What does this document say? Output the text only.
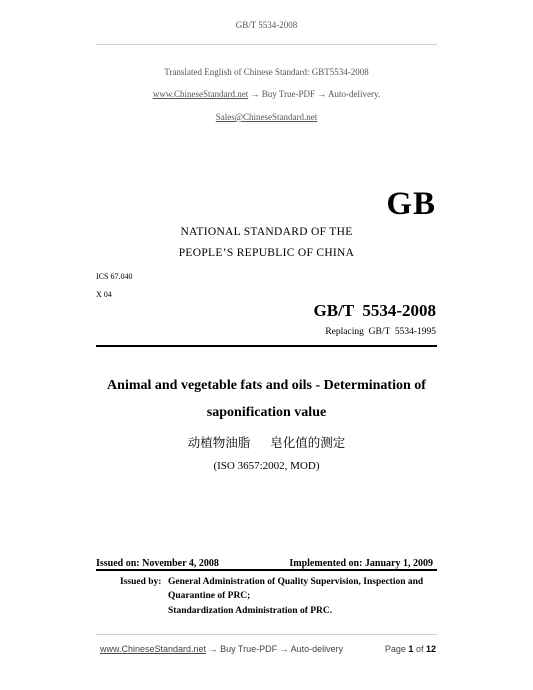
GB/T 5534-2008
Translated English of Chinese Standard: GBT5534-2008
www.ChineseStandard.net → Buy True-PDF → Auto-delivery.
Sales@ChineseStandard.net
GB
NATIONAL STANDARD OF THE
PEOPLE’S REPUBLIC OF CHINA
ICS 67.040
X 04
GB/T  5534-2008
Replacing  GB/T  5534-1995
Animal and vegetable fats and oils - Determination of
saponification value
动植物油脂  皂化值的测定
(ISO 3657:2002, MOD)
Issued on: November 4, 2008	Implemented on: January 1, 2009
Issued by: General Administration of Quality Supervision, Inspection and
Quarantine of PRC;
Standardization Administration of PRC.
www.ChineseStandard.net → Buy True-PDF → Auto-delivery	Page 1 of 12
